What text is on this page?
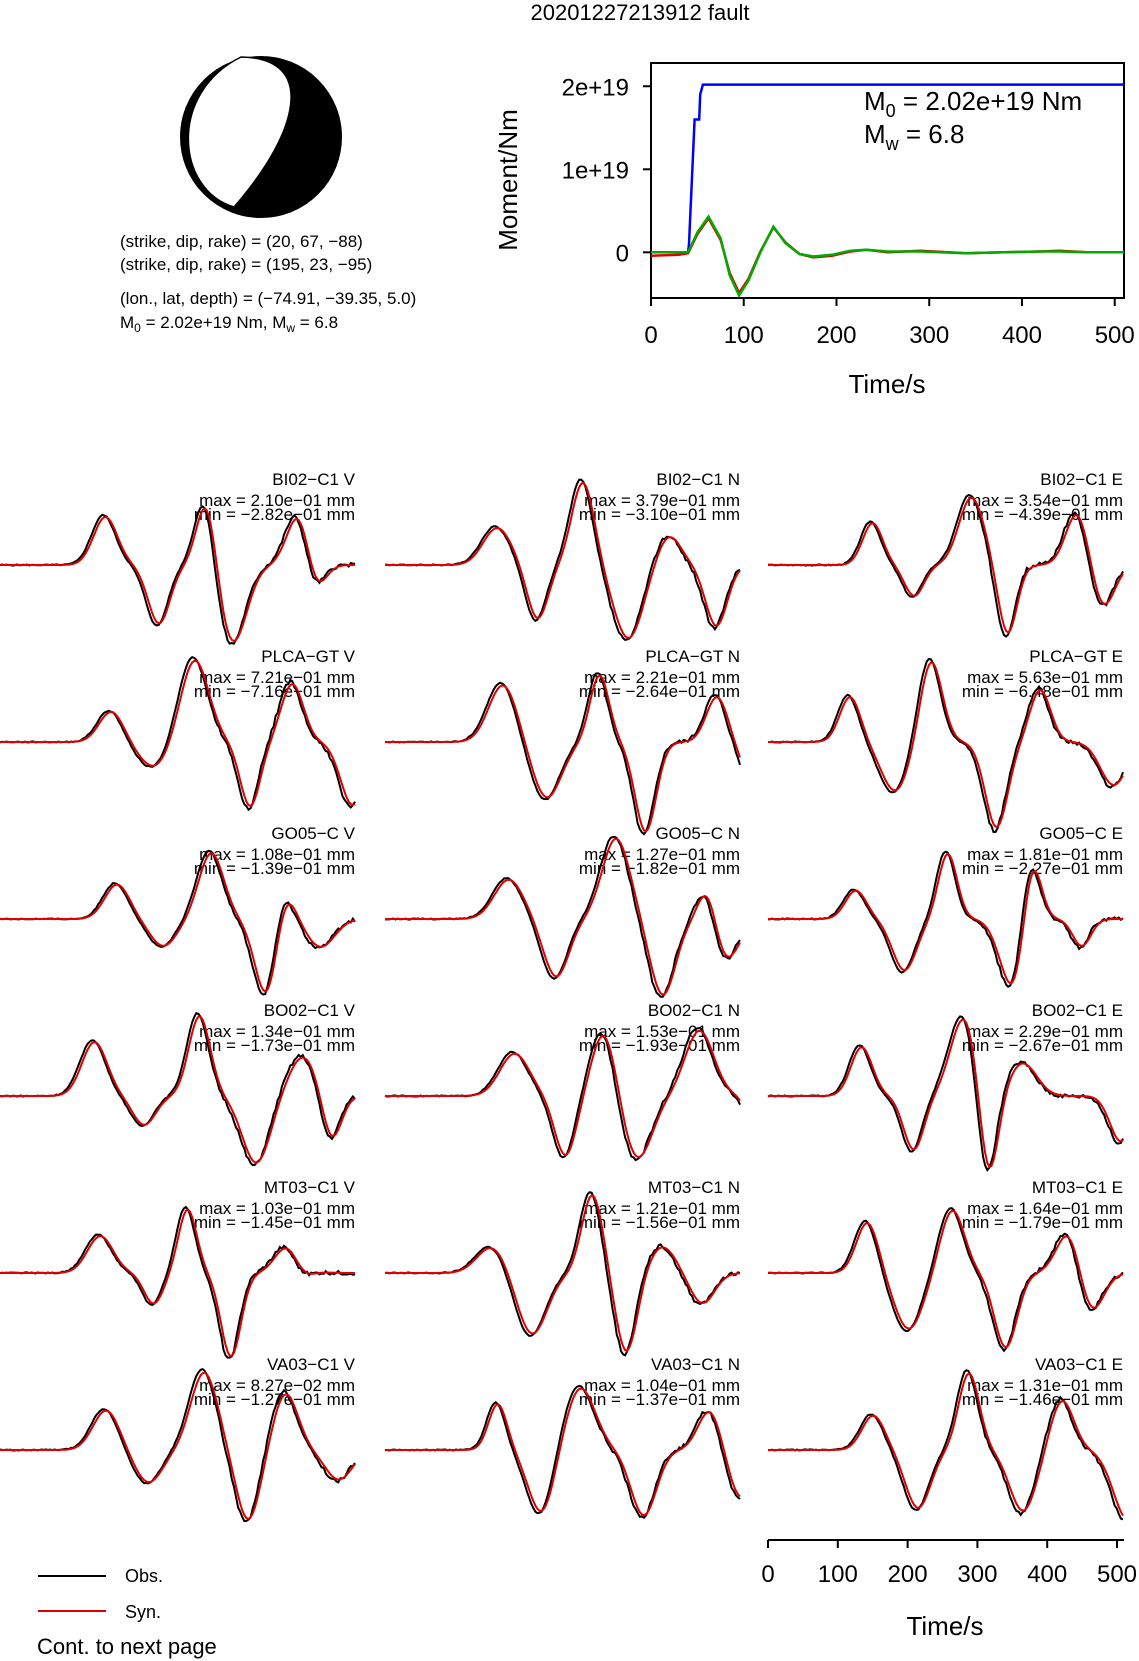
20201227213912 fault
(strike, dip, rake) = (20, 67, −88)
(strike, dip, rake) = (195, 23, −95)
(lon., lat, depth) = (−74.91, −39.35, 5.0)
$M_0 = 2.02e+19$ Nm, $M_w = 6.8$	0	100 200 300 400 500
0
1e+19
2e+19
Moment/Nm
Time/s
$M_0 = 2.02e+19$ Nm
$M_w = 6.8$
BI02−C1 V
max = 2.10e−01 mm
min = −2.82e−01 mm
BI02−C1 N
max = 3.79e−01 mm
min = −3.10e−01 mm
BI02−C1 E
max = 3.54e−01 mm
min = −4.39e−01 mm
PLCA−GT V
max = 7.21e−01 mm
min = −7.16e−01 mm
PLCA−GT N
max = 2.21e−01 mm
min = −2.64e−01 mm
PLCA−GT E
max = 5.63e−01 mm
min = −6.48e−01 mm
GO05−C V
max = 1.08e−01 mm
min = −1.39e−01 mm
GO05−C N
max = 1.27e−01 mm
min = −1.82e−01 mm
GO05−C E
max = 1.81e−01 mm
min = −2.27e−01 mm
BO02−C1 V
max = 1.34e−01 mm
min = −1.73e−01 mm
BO02−C1 N
max = 1.53e−01 mm
min = −1.93e−01 mm
BO02−C1 E
max = 2.29e−01 mm
min = −2.67e−01 mm
MT03−C1 V
max = 1.03e−01 mm
min = −1.45e−01 mm
MT03−C1 N
max = 1.21e−01 mm
min = −1.56e−01 mm
MT03−C1 E
max = 1.64e−01 mm
min = −1.79e−01 mm
VA03−C1 V
max = 8.27e−02 mm
min = −1.27e−01 mm
VA03−C1 N
max = 1.04e−01 mm
min = −1.37e−01 mm
VA03−C1 E
max = 1.31e−01 mm
min = −1.46e−01 mm
0 100 200 300 400 500
Time/s
Obs.
Syn.
Cont. to next page
